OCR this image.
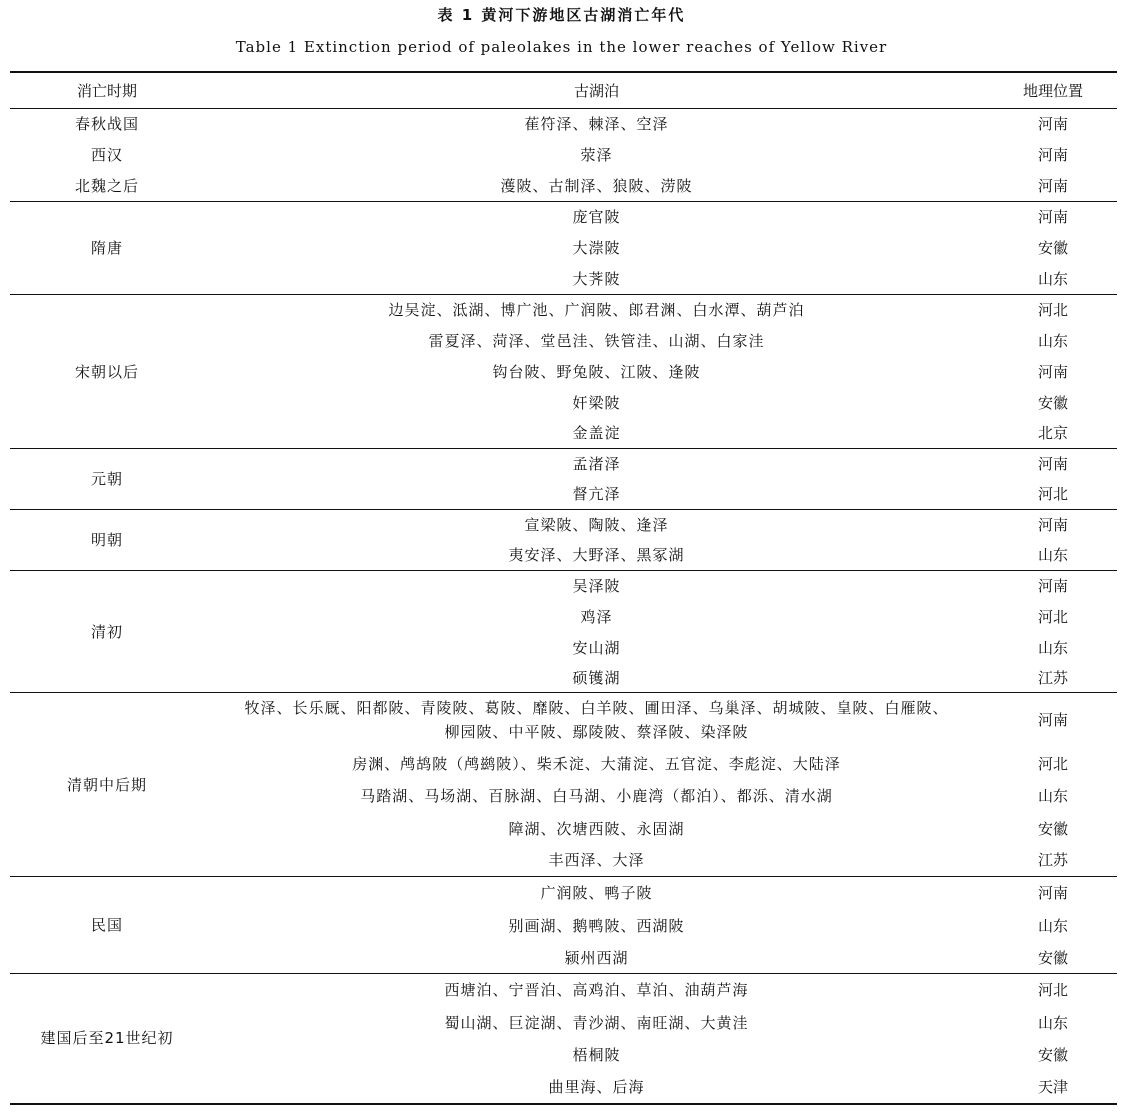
表 1 黄河下游地区古湖消亡年代
Table 1 Extinction period of paleolakes in the lower reaches of Yellow River
消亡时期	古湖泊	地理位置
春秋战国	萑符泽、棘泽、空泽	河南
西汉	荥泽	河南
北魏之后	濩陂、古制泽、狼陂、涝陂	河南
隋唐	庞官陂	河南

	大漴陂	安徽

	大荠陂	山东
宋朝以后	边吴淀、泜湖、博广池、广润陂、郎君渊、白水潭、葫芦泊	河北

	雷夏泽、菏泽、堂邑洼、铁管洼、山湖、白家洼	山东

	钩台陂、野兔陂、江陂、逢陂	河南

	奸梁陂	安徽

	金盖淀	北京
元朝	孟渚泽	河南

	督亢泽	河北
明朝	宣梁陂、陶陂、逢泽	河南

	夷安泽、大野泽、黑冢湖	山东
清初	吴泽陂	河南

	鸡泽	河北

	安山湖	山东

	硕镬湖	江苏
清朝中后期	牧泽、长乐厩、阳都陂、青陵陂、葛陂、靡陂、白羊陂、圃田泽、乌巢泽、胡城陂、皇陂、白雁陂、
柳园陂、中平陂、鄢陵陂、蔡泽陂、染泽陂	河南

	房渊、鸬鸪陂（鸬鹚陂）、柴禾淀、大蒲淀、五官淀、李彪淀、大陆泽	河北

	马踏湖、马场湖、百脉湖、白马湖、小鹿湾（都泊）、都泺、清水湖	山东

	障湖、次塘西陂、永固湖	安徽

	丰西泽、大泽	江苏
民国	广润陂、鸭子陂	河南

	别画湖、鹅鸭陂、西湖陂	山东

	颍州西湖	安徽
建国后至21世纪初	西塘泊、宁晋泊、高鸡泊、草泊、油葫芦海	河北

	蜀山湖、巨淀湖、青沙湖、南旺湖、大黄洼	山东

	梧桐陂	安徽

	曲里海、后海	天津
